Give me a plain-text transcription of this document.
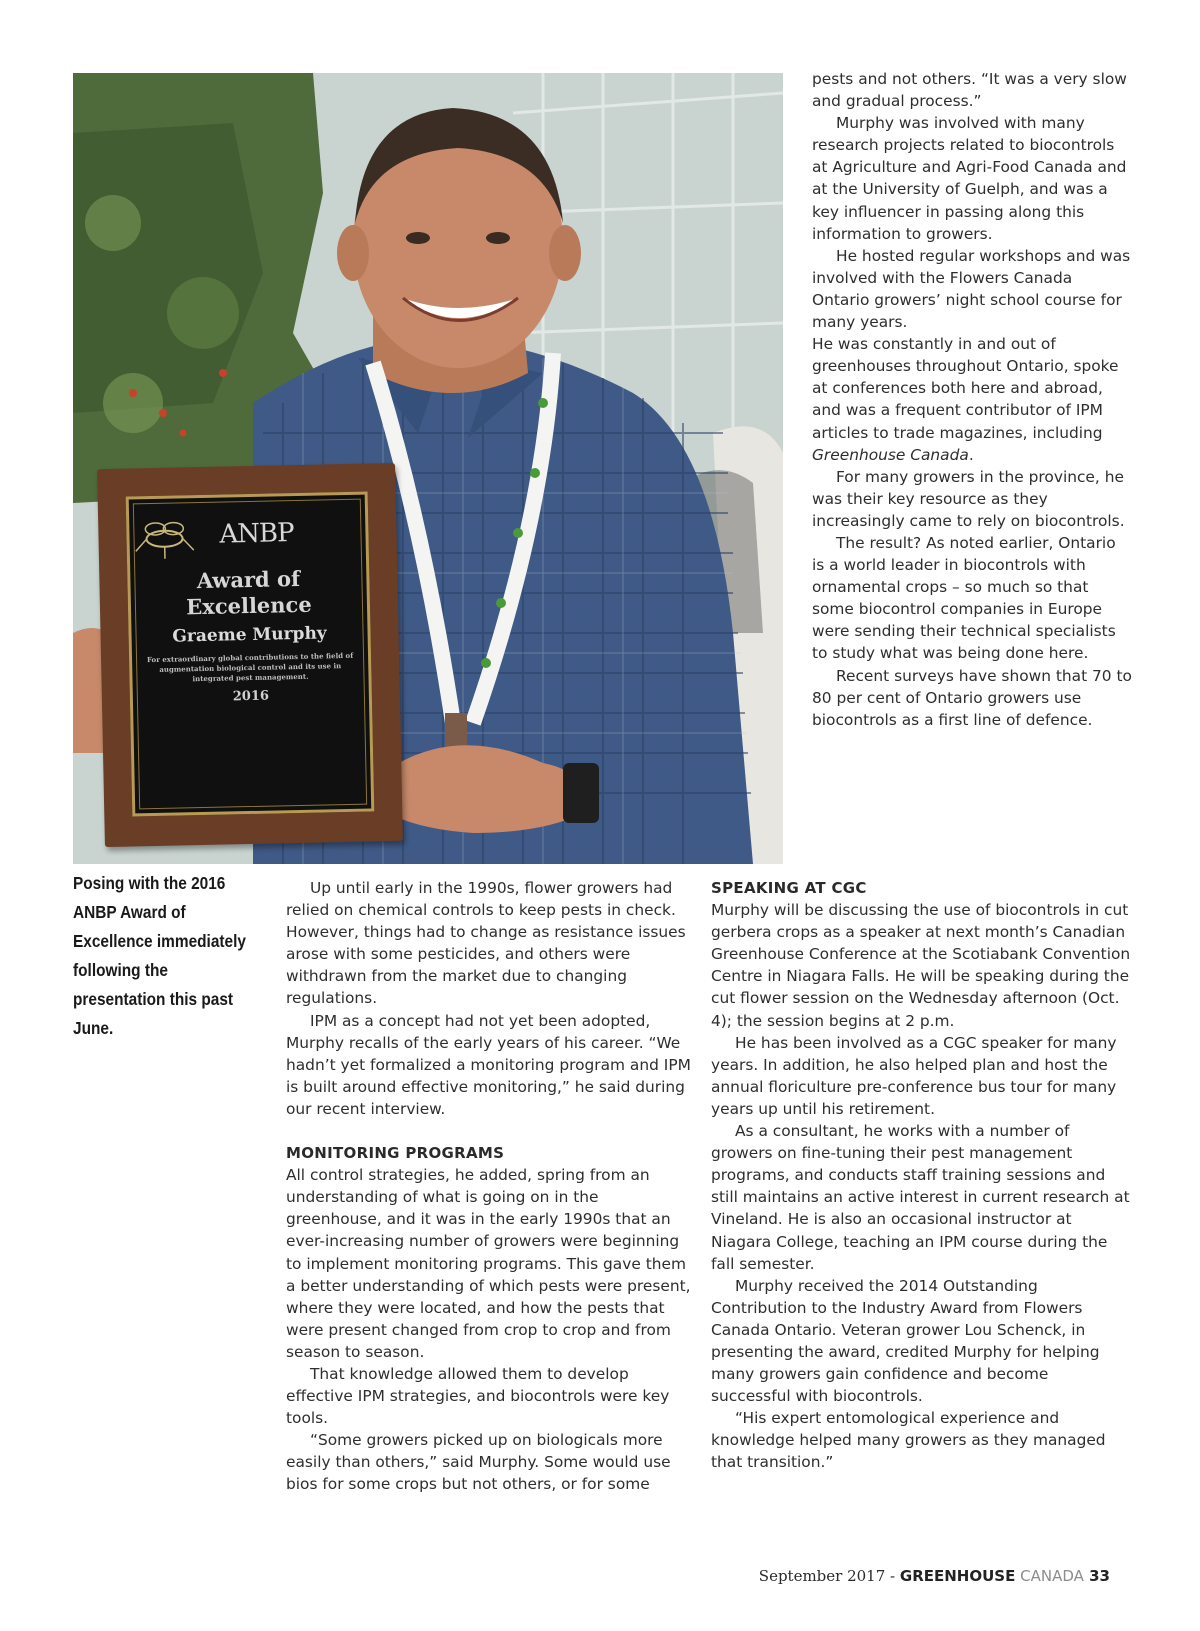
ANBP
Award of
Excellence
Graeme Murphy
For extraordinary global contributions to the field of augmentation biological control and its use in integrated pest management.
2016

pests and not others. “It was a very slow and gradual process.”

Murphy was involved with many research projects related to biocontrols at Agriculture and Agri-Food Canada and at the University of Guelph, and was a key influencer in passing along this information to growers.

He hosted regular workshops and was involved with the Flowers Canada Ontario growers’ night school course for many years.

He was constantly in and out of greenhouses throughout Ontario, spoke at conferences both here and abroad, and was a frequent contributor of IPM articles to trade magazines, including Greenhouse Canada.

For many growers in the province, he was their key resource as they increasingly came to rely on biocontrols.

The result? As noted earlier, Ontario is a world leader in biocontrols with ornamental crops – so much so that some biocontrol companies in Europe were sending their technical specialists to study what was being done here.

Recent surveys have shown that 70 to 80 per cent of Ontario growers use biocontrols as a first line of defence.

Posing with the 2016 ANBP Award of Excellence immediately following the presentation this past June.

Up until early in the 1990s, flower growers had relied on chemical controls to keep pests in check. However, things had to change as resistance issues arose with some pesticides, and others were withdrawn from the market due to changing regulations.

IPM as a concept had not yet been adopted, Murphy recalls of the early years of his career. “We hadn’t yet formalized a monitoring program and IPM is built around effective monitoring,” he said during our recent interview.

MONITORING PROGRAMS

All control strategies, he added, spring from an understanding of what is going on in the greenhouse, and it was in the early 1990s that an ever-increasing number of growers were beginning to implement monitoring programs. This gave them a better understanding of which pests were present, where they were located, and how the pests that were present changed from crop to crop and from season to season.

That knowledge allowed them to develop effective IPM strategies, and biocontrols were key tools.

“Some growers picked up on biologicals more easily than others,” said Murphy. Some would use bios for some crops but not others, or for some

SPEAKING AT CGC

Murphy will be discussing the use of biocontrols in cut gerbera crops as a speaker at next month’s Canadian Greenhouse Conference at the Scotiabank Convention Centre in Niagara Falls. He will be speaking during the cut flower session on the Wednesday afternoon (Oct. 4); the session begins at 2 p.m.

He has been involved as a CGC speaker for many years. In addition, he also helped plan and host the annual floriculture pre-conference bus tour for many years up until his retirement.

As a consultant, he works with a number of growers on fine-tuning their pest management programs, and conducts staff training sessions and still maintains an active interest in current research at Vineland. He is also an occasional instructor at Niagara College, teaching an IPM course during the fall semester.

Murphy received the 2014 Outstanding Contribution to the Industry Award from Flowers Canada Ontario. Veteran grower Lou Schenck, in presenting the award, credited Murphy for helping many growers gain confidence and become successful with biocontrols.

“His expert entomological experience and knowledge helped many growers as they managed that transition.”

September 2017 - GREENHOUSE CANADA 33
